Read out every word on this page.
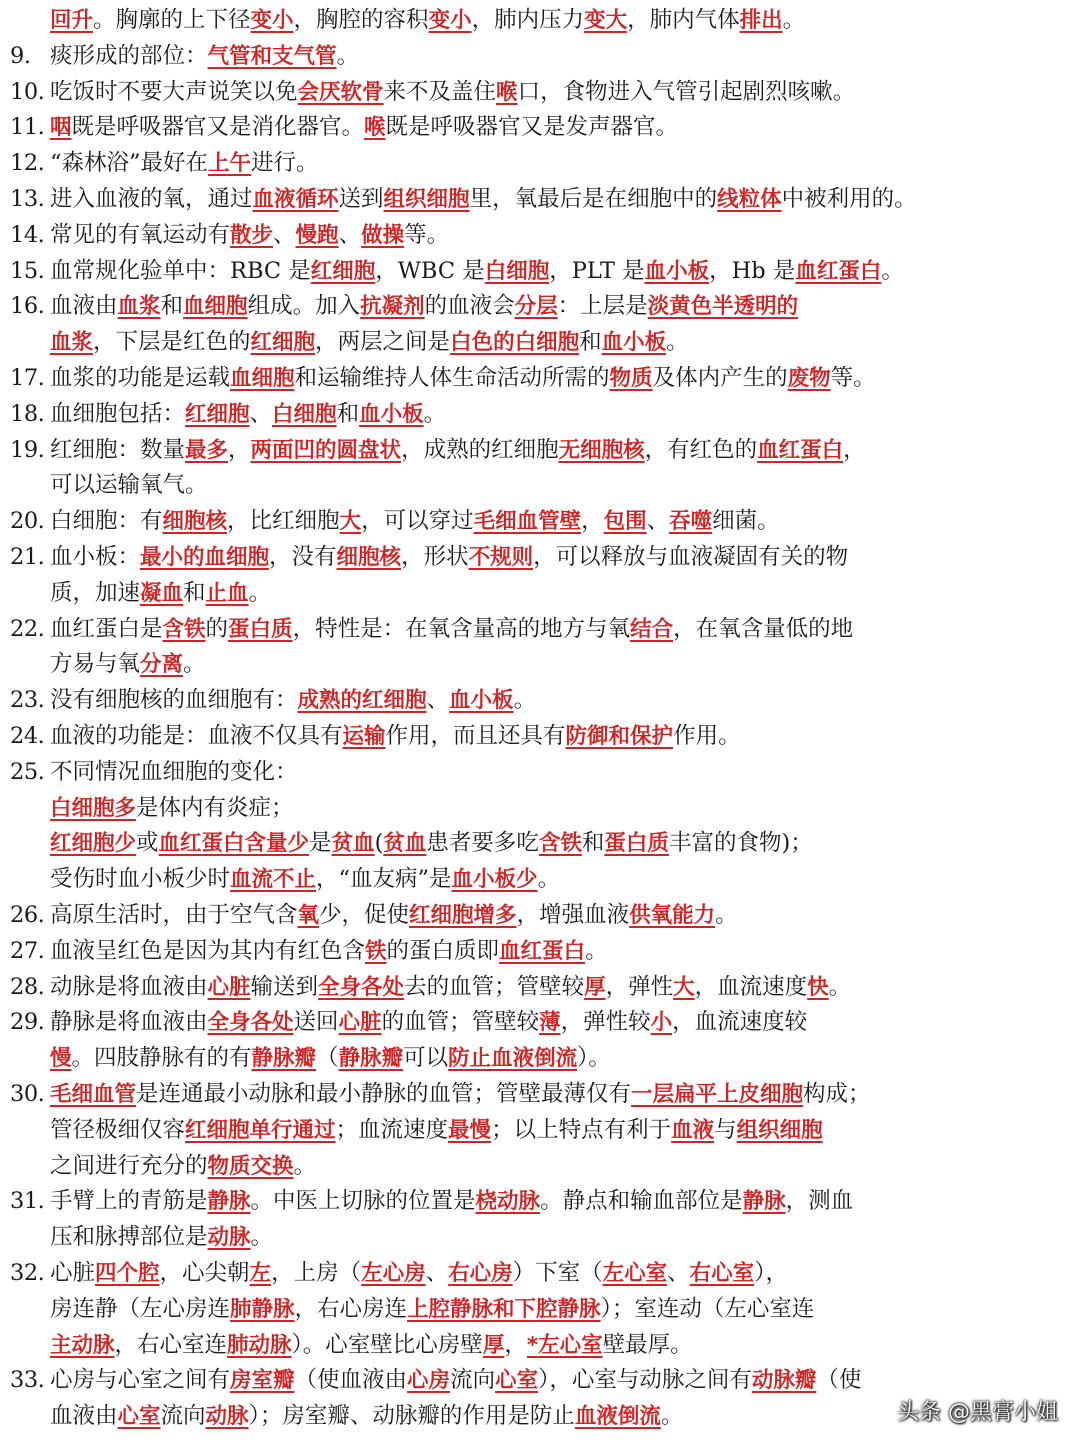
回升。胸廓的上下径变小，胸腔的容积变小，肺内压力变大，肺内气体排出。
9. 痰形成的部位：气管和支气管。
10. 吃饭时不要大声说笑以免会厌软骨来不及盖住喉口，食物进入气管引起剧烈咳嗽。
11. 咽既是呼吸器官又是消化器官。喉既是呼吸器官又是发声器官。
12. “森林浴”最好在上午进行。
13. 进入血液的氧，通过血液循环送到组织细胞里，氧最后是在细胞中的线粒体中被利用的。
14. 常见的有氧运动有散步、慢跑、做操等。
15. 血常规化验单中：RBC 是红细胞，WBC 是白细胞，PLT 是血小板，Hb 是血红蛋白。
16. 血液由血浆和血细胞组成。加入抗凝剂的血液会分层：上层是淡黄色半透明的
血浆，下层是红色的红细胞，两层之间是白色的白细胞和血小板。
17. 血浆的功能是运载血细胞和运输维持人体生命活动所需的物质及体内产生的废物等。
18. 血细胞包括：红细胞、白细胞和血小板。
19. 红细胞：数量最多，两面凹的圆盘状，成熟的红细胞无细胞核，有红色的血红蛋白，
可以运输氧气。
20. 白细胞：有细胞核，比红细胞大，可以穿过毛细血管壁，包围、吞噬细菌。
21. 血小板：最小的血细胞，没有细胞核，形状不规则，可以释放与血液凝固有关的物
质，加速凝血和止血。
22. 血红蛋白是含铁的蛋白质，特性是：在氧含量高的地方与氧结合，在氧含量低的地
方易与氧分离。
23. 没有细胞核的血细胞有：成熟的红细胞、血小板。
24. 血液的功能是：血液不仅具有运输作用，而且还具有防御和保护作用。
25. 不同情况血细胞的变化：
白细胞多是体内有炎症；
红细胞少或血红蛋白含量少是贫血(贫血患者要多吃含铁和蛋白质丰富的食物)；
受伤时血小板少时血流不止，“血友病”是血小板少。
26. 高原生活时，由于空气含氧少，促使红细胞增多，增强血液供氧能力。
27. 血液呈红色是因为其内有红色含铁的蛋白质即血红蛋白。
28. 动脉是将血液由心脏输送到全身各处去的血管；管壁较厚，弹性大，血流速度快。
29. 静脉是将血液由全身各处送回心脏的血管；管壁较薄，弹性较小，血流速度较
慢。四肢静脉有的有静脉瓣（静脉瓣可以防止血液倒流）。
30. 毛细血管是连通最小动脉和最小静脉的血管；管壁最薄仅有一层扁平上皮细胞构成；
管径极细仅容红细胞单行通过；血流速度最慢；以上特点有利于血液与组织细胞
之间进行充分的物质交换。
31. 手臂上的青筋是静脉。中医上切脉的位置是桡动脉。静点和输血部位是静脉，测血
压和脉搏部位是动脉。
32. 心脏四个腔，心尖朝左，上房（左心房、右心房）下室（左心室、右心室），
房连静（左心房连肺静脉，右心房连上腔静脉和下腔静脉）；室连动（左心室连
主动脉，右心室连肺动脉）。心室壁比心房壁厚，*左心室壁最厚。
33. 心房与心室之间有房室瓣（使血液由心房流向心室），心室与动脉之间有动脉瓣（使
血液由心室流向动脉）；房室瓣、动脉瓣的作用是防止血液倒流。	头条 @黑膏小姐
